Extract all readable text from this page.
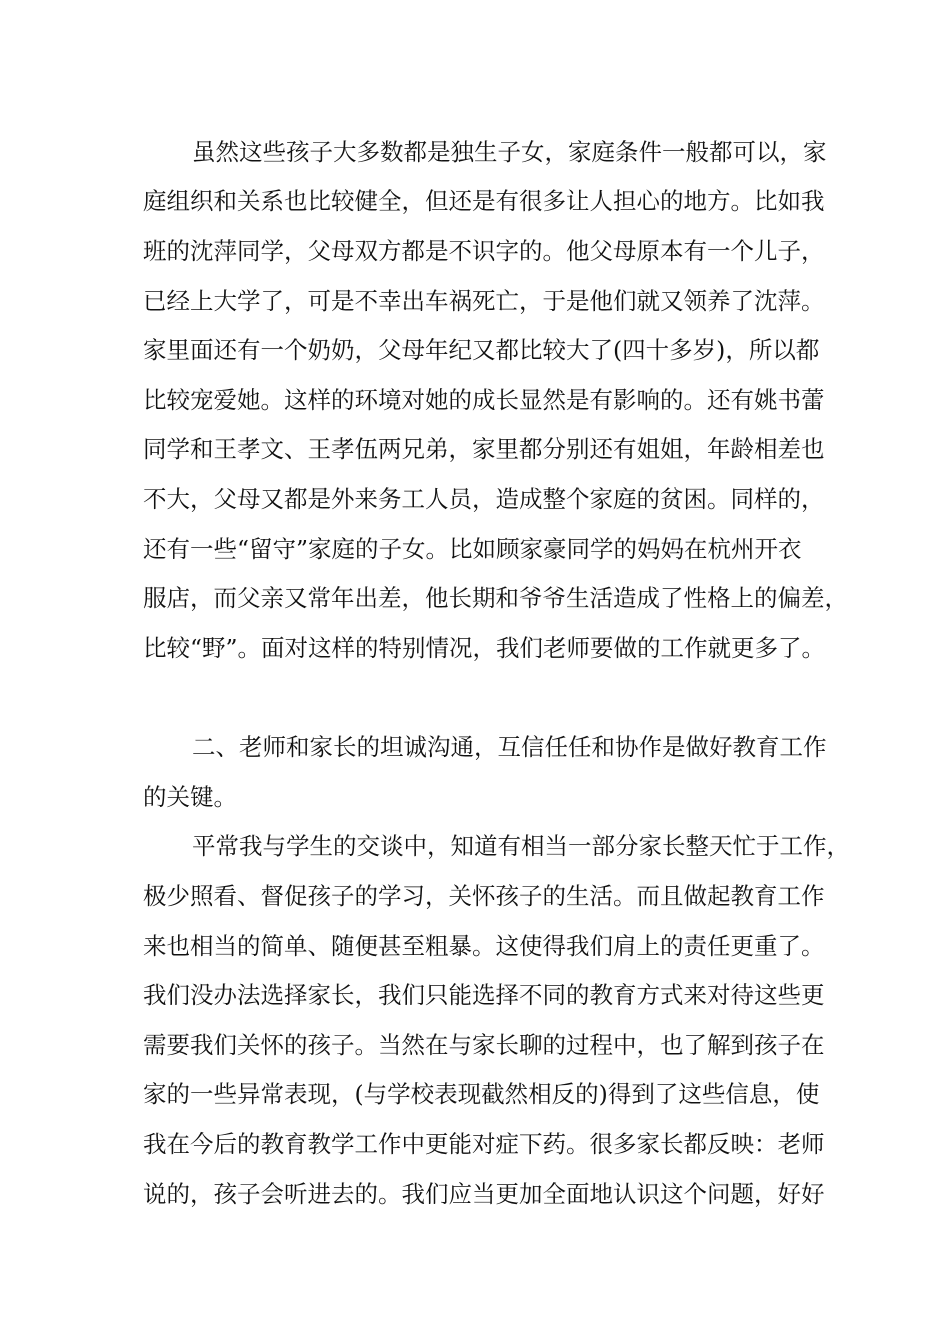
虽然这些孩子大多数都是独生子女，家庭条件一般都可以，家
庭组织和关系也比较健全，但还是有很多让人担心的地方。比如我
班的沈萍同学，父母双方都是不识字的。他父母原本有一个儿子，
已经上大学了，可是不幸出车祸死亡，于是他们就又领养了沈萍。
家里面还有一个奶奶，父母年纪又都比较大了(四十多岁)，所以都
比较宠爱她。这样的环境对她的成长显然是有影响的。还有姚书蕾
同学和王孝文、王孝伍两兄弟，家里都分别还有姐姐，年龄相差也
不大，父母又都是外来务工人员，造成整个家庭的贫困。同样的，
还有一些“留守”家庭的子女。比如顾家豪同学的妈妈在杭州开衣
服店，而父亲又常年出差，他长期和爷爷生活造成了性格上的偏差，
比较“野”。面对这样的特别情况，我们老师要做的工作就更多了。
二、老师和家长的坦诚沟通，互信任任和协作是做好教育工作
的关键。
平常我与学生的交谈中，知道有相当一部分家长整天忙于工作，
极少照看、督促孩子的学习，关怀孩子的生活。而且做起教育工作
来也相当的简单、随便甚至粗暴。这使得我们肩上的责任更重了。
我们没办法选择家长，我们只能选择不同的教育方式来对待这些更
需要我们关怀的孩子。当然在与家长聊的过程中，也了解到孩子在
家的一些异常表现，(与学校表现截然相反的)得到了这些信息，使
我在今后的教育教学工作中更能对症下药。很多家长都反映：老师
说的，孩子会听进去的。我们应当更加全面地认识这个问题，好好
